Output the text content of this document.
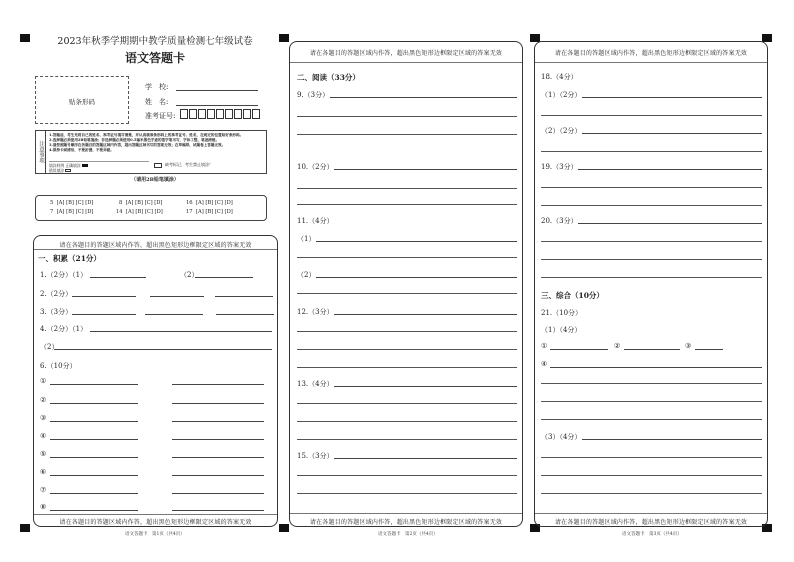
2023年秋季学期期中教学质量检测七年级试卷
语文答题卡
贴条形码
学　校:
姓　名:
准考证号:
注意事项
1.答题前，考生先将自己的姓名、准考证号填写清楚，并认真核准条形码上的准考证号、姓名，在规定的位置贴好条形码。
2.选择题必须使用2B铅笔填涂；非选择题必须使用0.5毫米黑色字迹的签字笔书写，字体工整、笔迹清楚。
3.请按照题号顺序在各题目的答题区域内作答，超出答题区域书写的答案无效；在草稿纸、试题卷上答题无效。
4.保持卡面清洁，不要折叠、不要弄破。
填涂样例 正确填涂
错误填涂
缺考标记，考生禁止填涂！
（请用2B铅笔填涂）
5 [A] [B] [C] [D]	8 [A] [B] [C] [D]	16 [A] [B] [C] [D]
7 [A] [B] [C] [D]	14 [A] [B] [C] [D]	17 [A] [B] [C] [D]
请在各题目的答题区域内作答，超出黑色矩形边框限定区域的答案无效
一、积累（21分）
1.（2分）（1）	（2）
2.（2分）
3.（3分）
4.（2分）（1）
（2）
6.（10分）
①
②
③
④
⑤
⑥
⑦
⑧
请在各题目的答题区域内作答，超出黑色矩形边框限定区域的答案无效
语文答题卡　第1页（共4页）
请在各题目的答题区域内作答，超出黑色矩形边框限定区域的答案无效
二、阅读（33分）
9.（3分）
10.（2分）
11.（4分）
（1）
（2）
12.（3分）
13.（4分）
15.（3分）
请在各题目的答题区域内作答，超出黑色矩形边框限定区域的答案无效
语文答题卡　第2页（共4页）
请在各题目的答题区域内作答，超出黑色矩形边框限定区域的答案无效
18.（4分）
（1）（2分）
（2）（2分）
19.（3分）
20.（3分）
三、综合（10分）
21.（10分）
（1）（4分）
①	②	③
④
（3）（4分）
请在各题目的答题区域内作答，超出黑色矩形边框限定区域的答案无效
语文答题卡　第3页（共4页）
